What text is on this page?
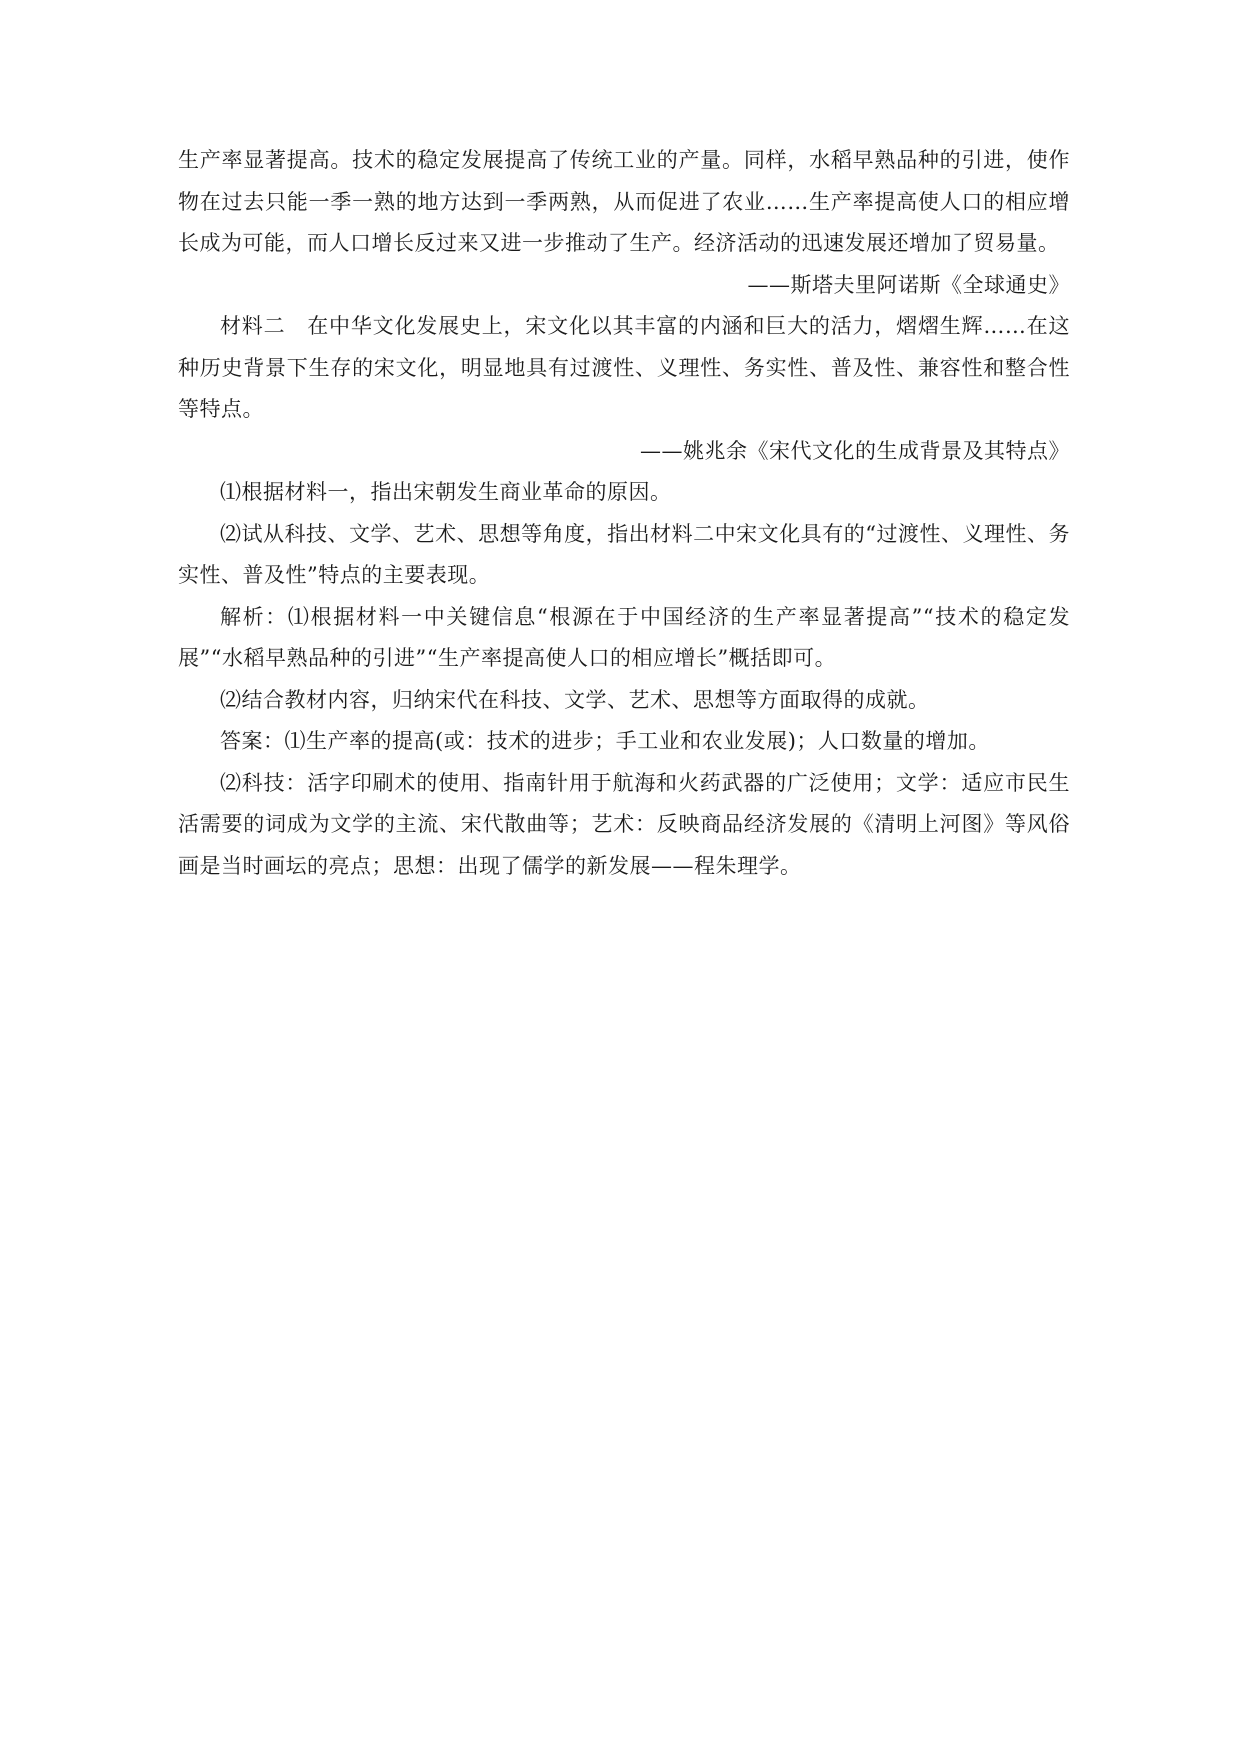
生产率显著提高。技术的稳定发展提高了传统工业的产量。同样，水稻早熟品种的引进，使作物在过去只能一季一熟的地方达到一季两熟，从而促进了农业……生产率提高使人口的相应增长成为可能，而人口增长反过来又进一步推动了生产。经济活动的迅速发展还增加了贸易量。

——斯塔夫里阿诺斯《全球通史》

材料二　在中华文化发展史上，宋文化以其丰富的内涵和巨大的活力，熠熠生辉……在这种历史背景下生存的宋文化，明显地具有过渡性、义理性、务实性、普及性、兼容性和整合性等特点。

——姚兆余《宋代文化的生成背景及其特点》

⑴根据材料一，指出宋朝发生商业革命的原因。

⑵试从科技、文学、艺术、思想等角度，指出材料二中宋文化具有的“过渡性、义理性、务实性、普及性”特点的主要表现。

解析：⑴根据材料一中关键信息“根源在于中国经济的生产率显著提高”“技术的稳定发展”“水稻早熟品种的引进”“生产率提高使人口的相应增长”概括即可。

⑵结合教材内容，归纳宋代在科技、文学、艺术、思想等方面取得的成就。

答案：⑴生产率的提高(或：技术的进步；手工业和农业发展)；人口数量的增加。

⑵科技：活字印刷术的使用、指南针用于航海和火药武器的广泛使用；文学：适应市民生活需要的词成为文学的主流、宋代散曲等；艺术：反映商品经济发展的《清明上河图》等风俗画是当时画坛的亮点；思想：出现了儒学的新发展——程朱理学。
